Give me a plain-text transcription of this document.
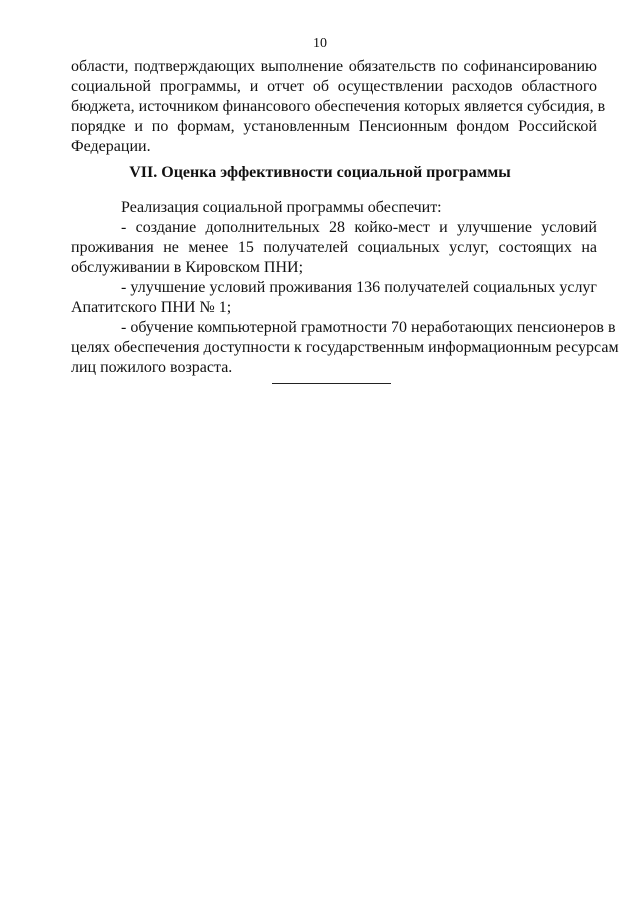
10
области, подтверждающих выполнение обязательств по софинансированию
социальной программы, и отчет об осуществлении расходов областного
бюджета, источником финансового обеспечения которых является субсидия, в
порядке и по формам, установленным Пенсионным фондом Российской
Федерации.
VII. Оценка эффективности социальной программы
Реализация социальной программы обеспечит:
- создание дополнительных 28 койко-мест и улучшение условий
проживания не менее 15 получателей социальных услуг, состоящих на
обслуживании в Кировском ПНИ;
- улучшение условий проживания 136 получателей социальных услуг
Апатитского ПНИ № 1;
- обучение компьютерной грамотности 70 неработающих пенсионеров в
целях обеспечения доступности к государственным информационным ресурсам
лиц пожилого возраста.
